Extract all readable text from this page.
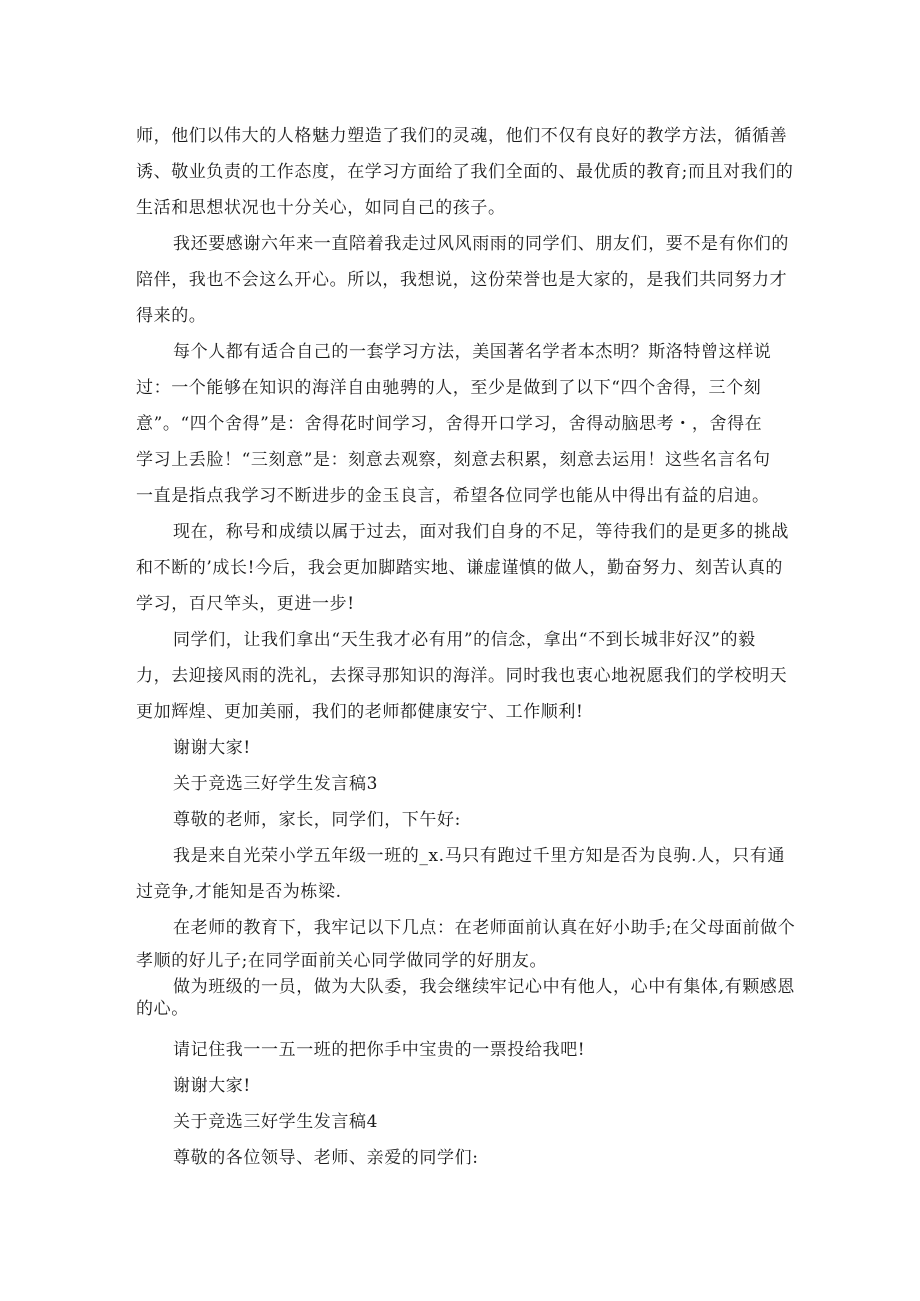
师，他们以伟大的人格魅力塑造了我们的灵魂，他们不仅有良好的教学方法，循循善
诱、敬业负责的工作态度，在学习方面给了我们全面的、最优质的教育;而且对我们的
生活和思想状况也十分关心，如同自己的孩子。
我还要感谢六年来一直陪着我走过风风雨雨的同学们、朋友们，要不是有你们的
陪伴，我也不会这么开心。所以，我想说，这份荣誉也是大家的，是我们共同努力才
得来的。
每个人都有适合自己的一套学习方法，美国著名学者本杰明？斯洛特曾这样说
过：一个能够在知识的海洋自由驰骋的人，至少是做到了以下“四个舍得，三个刻
意”。“四个舍得”是：舍得花时间学习，舍得开口学习，舍得动脑思考・，舍得在
学习上丢脸！“三刻意”是：刻意去观察，刻意去积累，刻意去运用！这些名言名句
一直是指点我学习不断进步的金玉良言，希望各位同学也能从中得出有益的启迪。
现在，称号和成绩以属于过去，面对我们自身的不足，等待我们的是更多的挑战
和不断的’成长!今后，我会更加脚踏实地、谦虚谨慎的做人，勤奋努力、刻苦认真的
学习，百尺竿头，更进一步!
同学们，让我们拿出“天生我才必有用”的信念，拿出“不到长城非好汉”的毅
力，去迎接风雨的洗礼，去探寻那知识的海洋。同时我也衷心地祝愿我们的学校明天
更加辉煌、更加美丽，我们的老师都健康安宁、工作顺利!
谢谢大家!
关于竞选三好学生发言稿3
尊敬的老师，家长，同学们，下午好:
我是来自光荣小学五年级一班的_x.马只有跑过千里方知是否为良驹.人，只有通
过竞争,才能知是否为栋梁.
在老师的教育下，我牢记以下几点：在老师面前认真在好小助手;在父母面前做个
孝顺的好儿子;在同学面前关心同学做同学的好朋友。
做为班级的一员，做为大队委，我会继续牢记心中有他人，心中有集体,有颗感恩
的心。
请记住我一一五一班的把你手中宝贵的一票投给我吧!
谢谢大家!
关于竞选三好学生发言稿4
尊敬的各位领导、老师、亲爱的同学们:
